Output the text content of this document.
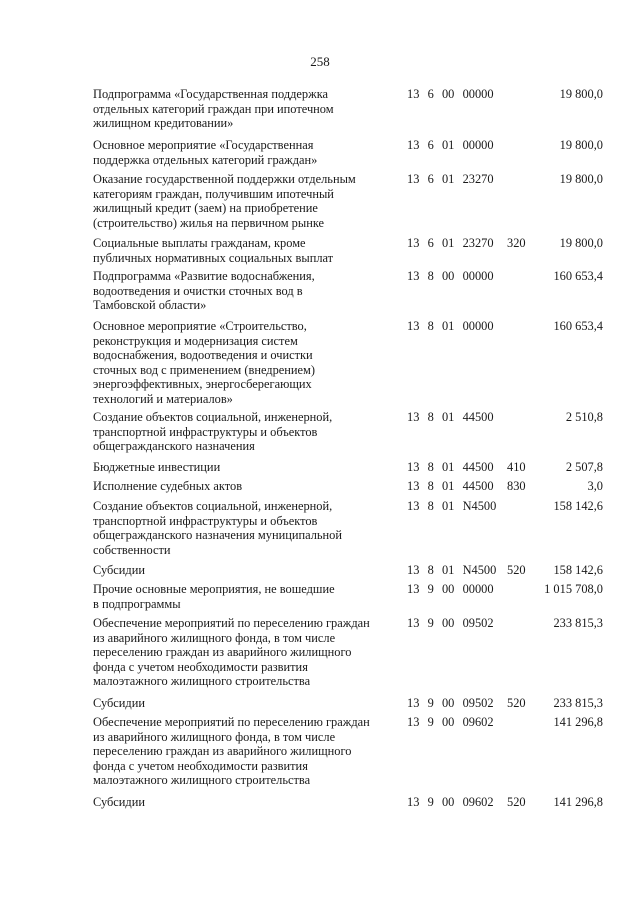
258
Подпрограмма «Государственная поддержка
отдельных категорий граждан при ипотечном
жилищном кредитовании»
13  6  00  00000	19 800,0
Основное мероприятие «Государственная
поддержка отдельных категорий граждан»
13  6  01  00000	19 800,0
Оказание государственной поддержки отдельным
категориям граждан, получившим ипотечный
жилищный кредит (заем) на приобретение
(строительство) жилья на первичном рынке
13  6  01  23270	19 800,0
Социальные выплаты гражданам, кроме
публичных нормативных социальных выплат
13  6  01  23270 320	19 800,0
Подпрограмма «Развитие водоснабжения,
водоотведения и очистки сточных вод в
Тамбовской области»
13  8  00  00000	160 653,4
Основное мероприятие «Строительство,
реконструкция и модернизация систем
водоснабжения, водоотведения и очистки
сточных вод с применением (внедрением)
энергоэффективных, энергосберегающих
технологий и материалов»
13  8  01  00000	160 653,4
Создание объектов социальной, инженерной,
транспортной инфраструктуры и объектов
общегражданского назначения
13  8  01  44500	2 510,8
Бюджетные инвестиции	13  8  01  44500 410	2 507,8
Исполнение судебных актов	13  8  01  44500 830	3,0
Создание объектов социальной, инженерной,
транспортной инфраструктуры и объектов
общегражданского назначения муниципальной
собственности
13  8  01  N4500	158 142,6
Субсидии	13  8  01  N4500 520	158 142,6
Прочие основные мероприятия, не вошедшие
в подпрограммы
13  9  00  00000	1 015 708,0
Обеспечение мероприятий по переселению граждан
из аварийного жилищного фонда, в том числе
переселению граждан из аварийного жилищного
фонда с учетом необходимости развития
малоэтажного жилищного строительства
13  9  00  09502	233 815,3
Субсидии	13  9  00  09502 520	233 815,3
Обеспечение мероприятий по переселению граждан
из аварийного жилищного фонда, в том числе
переселению граждан из аварийного жилищного
фонда с учетом необходимости развития
малоэтажного жилищного строительства
13  9  00  09602	141 296,8
Субсидии	13  9  00  09602 520	141 296,8
